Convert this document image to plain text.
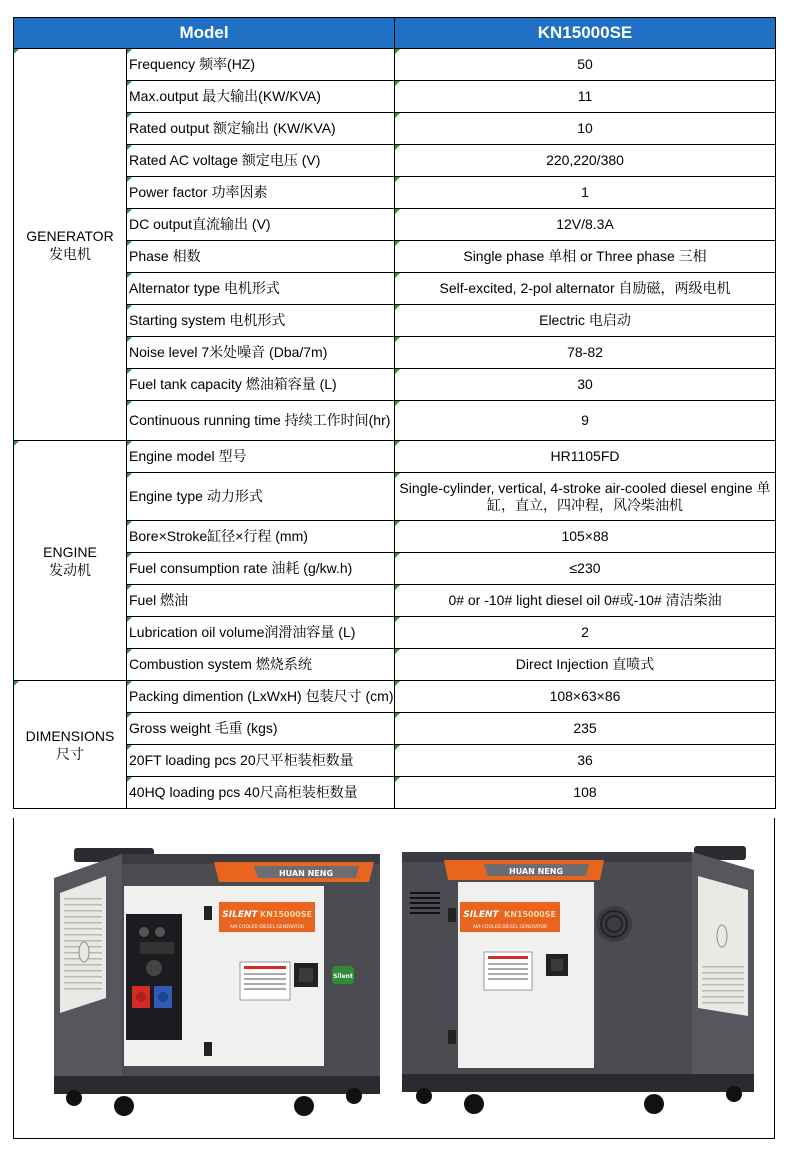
Model		KN15000SE

GENERATOR
发电机	Frequency 频率(HZ)	50
	Max.output 最大输出(KW/KVA)	11
	Rated output 额定输出 (KW/KVA)	10
	Rated AC voltage 额定电压 (V)	220,220/380
	Power factor 功率因素	1
	DC output直流输出 (V)	12V/8.3A
	Phase 相数	Single phase 单相 or Three phase 三相
	Alternator type 电机形式	Self-excited, 2-pol alternator 自励磁，两级电机
	Starting system 电机形式	Electric 电启动
	Noise level 7米处噪音 (Dba/7m)	78-82
	Fuel tank capacity 燃油箱容量 (L)	30
	Continuous running time 持续工作时间(hr)	9

ENGINE
发动机	Engine model 型号	HR1105FD
	Engine type 动力形式	Single-cylinder, vertical, 4-stroke air-cooled diesel engine 单缸，直立，四冲程，风冷柴油机
	Bore×Stroke缸径×行程 (mm)	105×88
	Fuel consumption rate 油耗 (g/kw.h)	≤230
	Fuel 燃油	0# or -10# light diesel oil 0#或-10# 清洁柴油
	Lubrication oil volume润滑油容量 (L)	2
	Combustion system 燃烧系统	Direct Injection 直喷式

DIMENSIONS
尺寸	Packing dimention (LxWxH) 包装尺寸 (cm)	108×63×86
	Gross weight 毛重 (kgs)	235
	20FT loading pcs 20尺平柜装柜数量	36
	40HQ loading pcs 40尺高柜装柜数量	108
HUAN NENG
SILENT KN15000SE
AIR-COOLED DIESEL GENERATOR
Silent
HUAN NENG
SILENT KN15000SE
AIR-COOLED DIESEL GENERATOR
